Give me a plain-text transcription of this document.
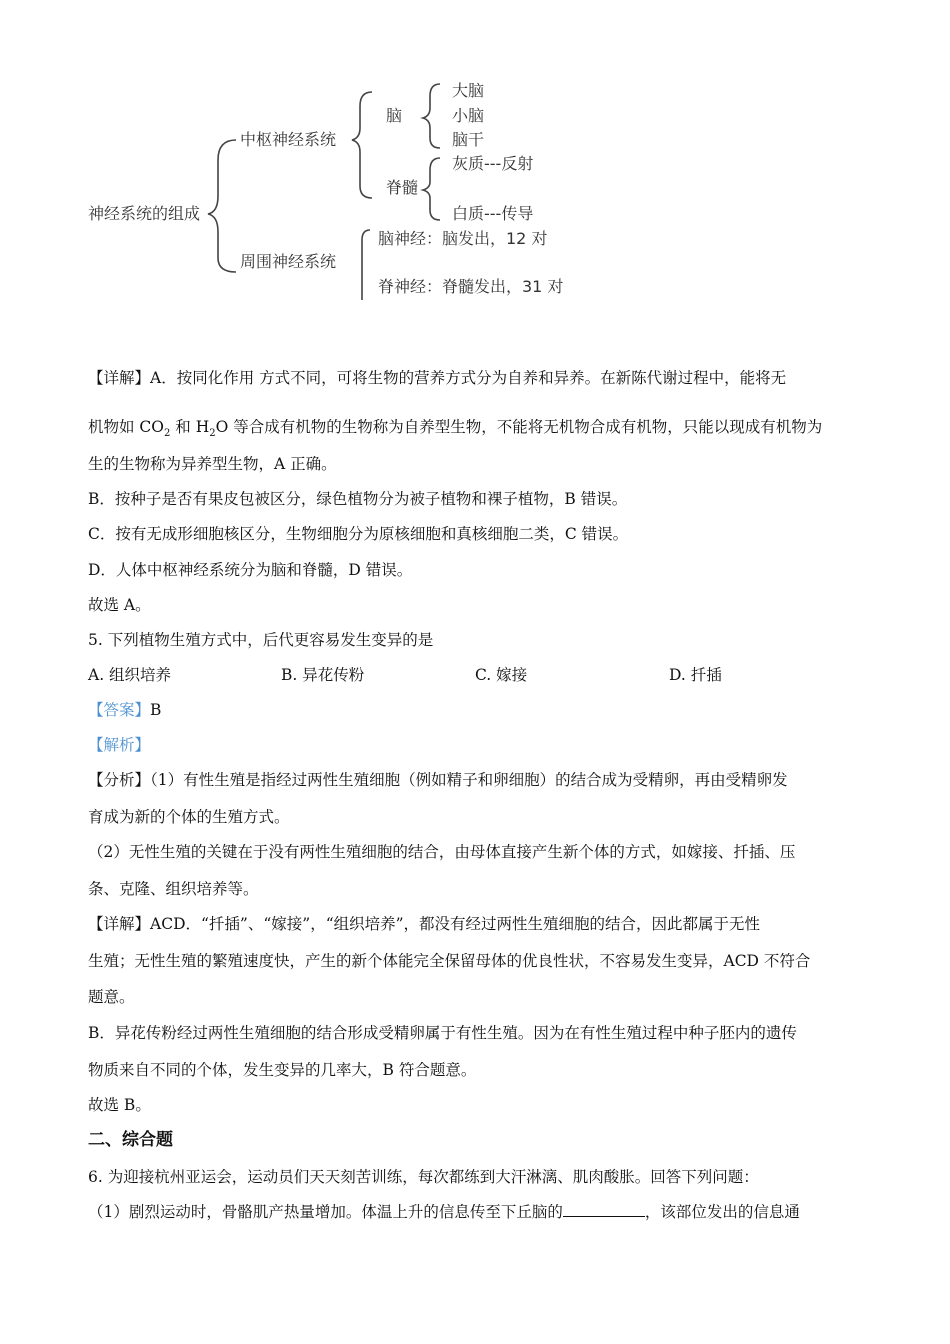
神经系统的组成
中枢神经系统
周围神经系统
脑
脊髓
大脑
小脑
脑干
灰质---反射
白质---传导
脑神经：脑发出，12 对
脊神经：脊髓发出，31 对
【详解】A．按同化作用 方式不同，可将生物的营养方式分为自养和异养。在新陈代谢过程中，能将无
机物如 $CO_2$ 和 $H_2O$ 等合成有机物的生物称为自养型生物，不能将无机物合成有机物，只能以现成有机物为
生的生物称为异养型生物，A 正确。
B．按种子是否有果皮包被区分，绿色植物分为被子植物和裸子植物，B 错误。
C．按有无成形细胞核区分，生物细胞分为原核细胞和真核细胞二类，C 错误。
D．人体中枢神经系统分为脑和脊髓，D 错误。
故选 A。
5. 下列植物生殖方式中，后代更容易发生变异的是
A. 组织培养	B. 异花传粉	C. 嫁接	D. 扦插
【答案】B
【解析】
【分析】（1）有性生殖是指经过两性生殖细胞（例如精子和卵细胞）的结合成为受精卵，再由受精卵发
育成为新的个体的生殖方式。
（2）无性生殖的关键在于没有两性生殖细胞的结合，由母体直接产生新个体的方式，如嫁接、扦插、压
条、克隆、组织培养等。
【详解】ACD．“扦插”、“嫁接”，“组织培养”，都没有经过两性生殖细胞的结合，因此都属于无性
生殖；无性生殖的繁殖速度快，产生的新个体能完全保留母体的优良性状，不容易发生变异，ACD 不符合
题意。
B．异花传粉经过两性生殖细胞的结合形成受精卵属于有性生殖。因为在有性生殖过程中种子胚内的遗传
物质来自不同的个体，发生变异的几率大，B 符合题意。
故选 B。
二、综合题
6. 为迎接杭州亚运会，运动员们天天刻苦训练，每次都练到大汗淋漓、肌肉酸胀。回答下列问题：
（1）剧烈运动时，骨骼肌产热量增加。体温上升的信息传至下丘脑的	，该部位发出的信息通
